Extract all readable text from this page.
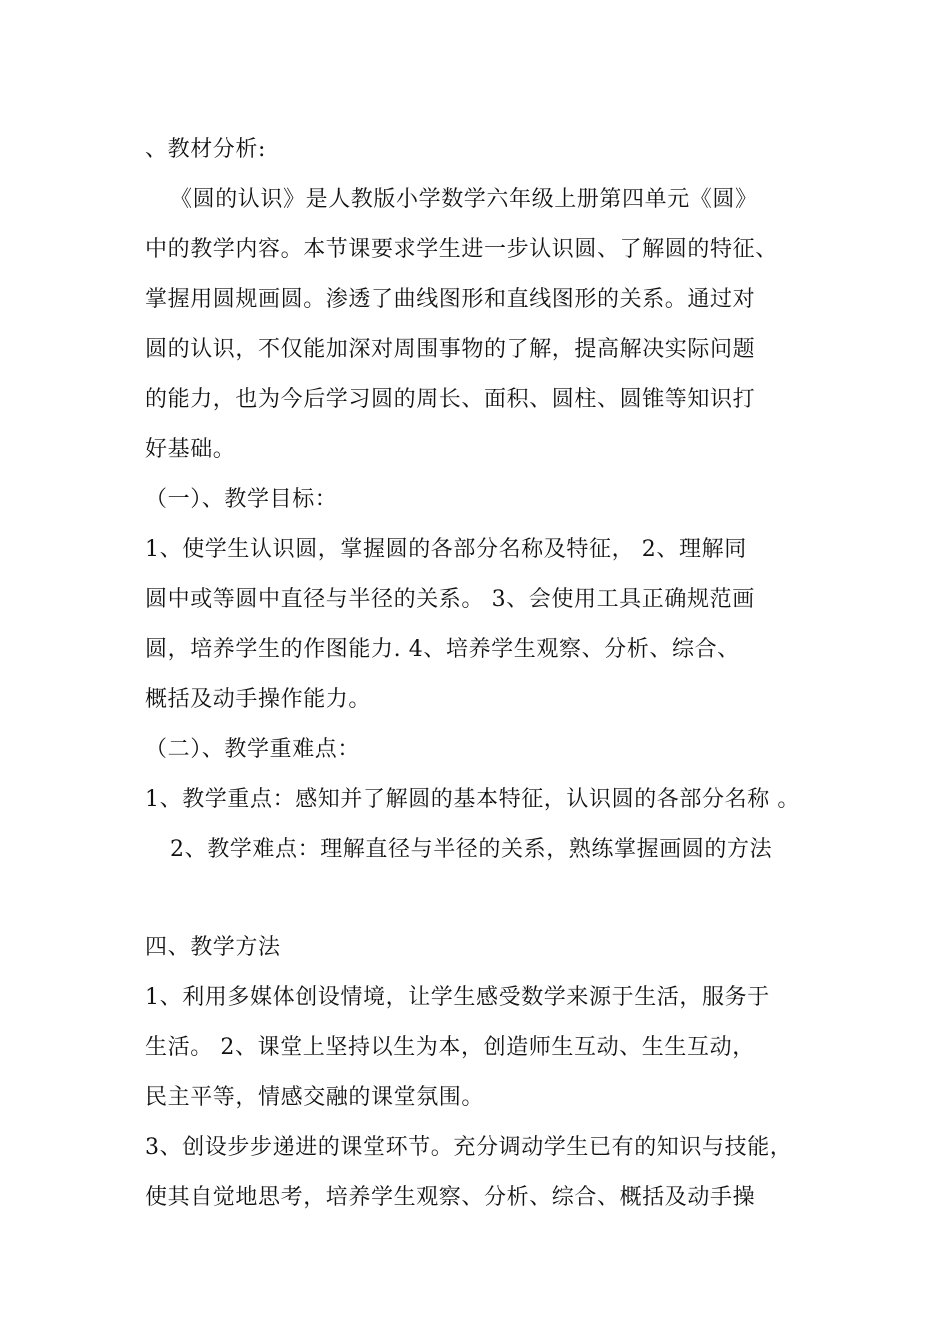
、教材分析:
《圆的认识》是人教版小学数学六年级上册第四单元《圆》
中的教学内容。本节课要求学生进一步认识圆、了解圆的特征、
掌握用圆规画圆。渗透了曲线图形和直线图形的关系。通过对
圆的认识，不仅能加深对周围事物的了解，提高解决实际问题
的能力，也为今后学习圆的周长、面积、圆柱、圆锥等知识打
好基础。
（一）、教学目标：
1、使学生认识圆，掌握圆的各部分名称及特征， 2、理解同
圆中或等圆中直径与半径的关系。 3、会使用工具正确规范画
圆，培养学生的作图能力. 4、培养学生观察、分析、综合、
概括及动手操作能力。
（二）、教学重难点：
1、教学重点：感知并了解圆的基本特征，认识圆的各部分名称 。
2、教学难点：理解直径与半径的关系，熟练掌握画圆的方法
四、教学方法
1、利用多媒体创设情境，让学生感受数学来源于生活，服务于
生活。 2、课堂上坚持以生为本，创造师生互动、生生互动，
民主平等，情感交融的课堂氛围。
3、创设步步递进的课堂环节。充分调动学生已有的知识与技能，
使其自觉地思考，培养学生观察、分析、综合、概括及动手操
